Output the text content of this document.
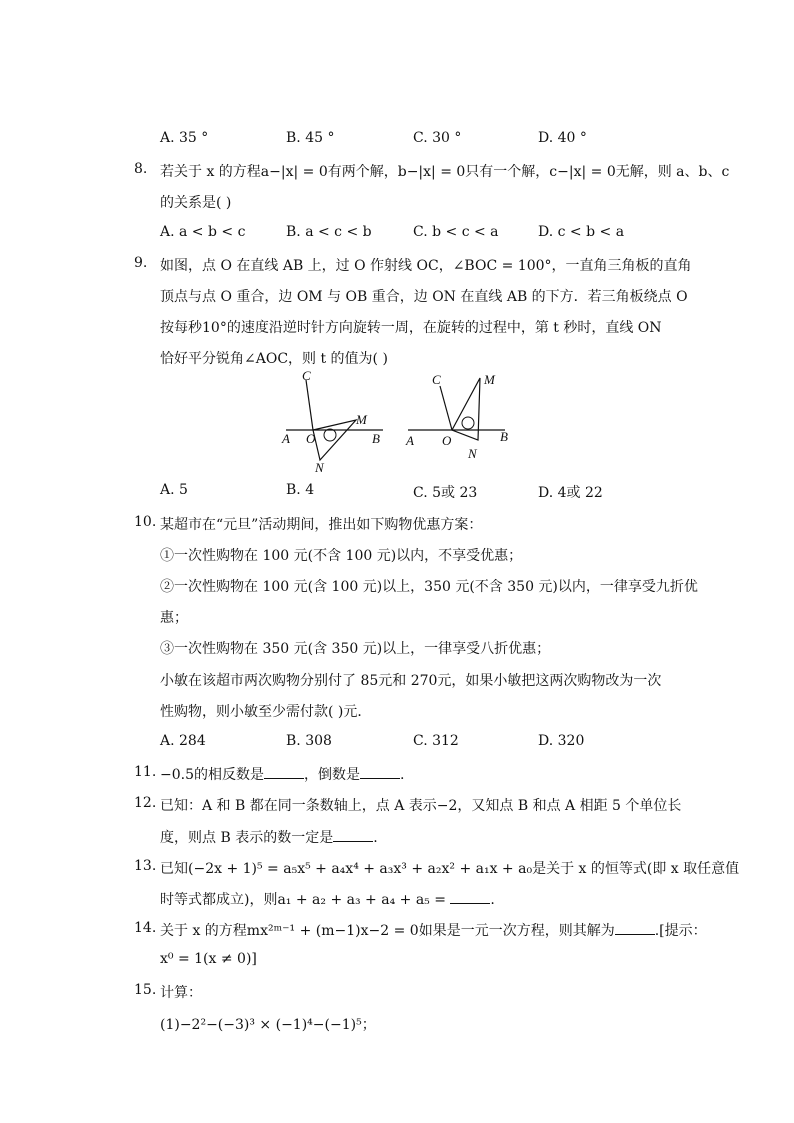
A. 35 °	B. 45 °	C. 30 °	D. 40 °
8. 若关于 x 的方程a−|x| = 0有两个解，b−|x| = 0只有一个解，c−|x| = 0无解，则 a、b、c
的关系是( )
A. a < b < c	B. a < c < b	C. b < c < a	D. c < b < a
9. 如图，点 O 在直线 AB 上，过 O 作射线 OC，∠BOC = 100°，一直角三角板的直角
顶点与点 O 重合，边 OM 与 OB 重合，边 ON 在直线 AB 的下方．若三角板绕点 O
按每秒10°的速度沿逆时针方向旋转一周，在旋转的过程中，第 t 秒时，直线 ON
恰好平分锐角∠AOC，则 t 的值为( )
C
M
A O	B
N
C	M
A O	B
N
A. 5	B. 4	C. 5或 23	D. 4或 22
10. 某超市在“元旦”活动期间，推出如下购物优惠方案：
①一次性购物在 100 元(不含 100 元)以内，不享受优惠；
②一次性购物在 100 元(含 100 元)以上，350 元(不含 350 元)以内，一律享受九折优
惠；
③一次性购物在 350 元(含 350 元)以上，一律享受八折优惠；
小敏在该超市两次购物分别付了 85元和 270元，如果小敏把这两次购物改为一次
性购物，则小敏至少需付款( )元．
A. 284	B. 308	C. 312	D. 320
11. −0.5的相反数是	，倒数是	.
12. 已知：A 和 B 都在同一条数轴上，点 A 表示−2，又知点 B 和点 A 相距 5 个单位长
度，则点 B 表示的数一定是	.
13. 已知(−2x + 1)⁵ = a₅x⁵ + a₄x⁴ + a₃x³ + a₂x² + a₁x + a₀是关于 x 的恒等式(即 x 取任意值
时等式都成立)，则a₁ + a₂ + a₃ + a₄ + a₅ =	.
14. 关于 x 的方程mx²ᵐ⁻¹ + (m−1)x−2 = 0如果是一元一次方程，则其解为	.[提示：
x⁰ = 1(x ≠ 0)]
15. 计算：
(1)−2²−(−3)³ × (−1)⁴−(−1)⁵；
